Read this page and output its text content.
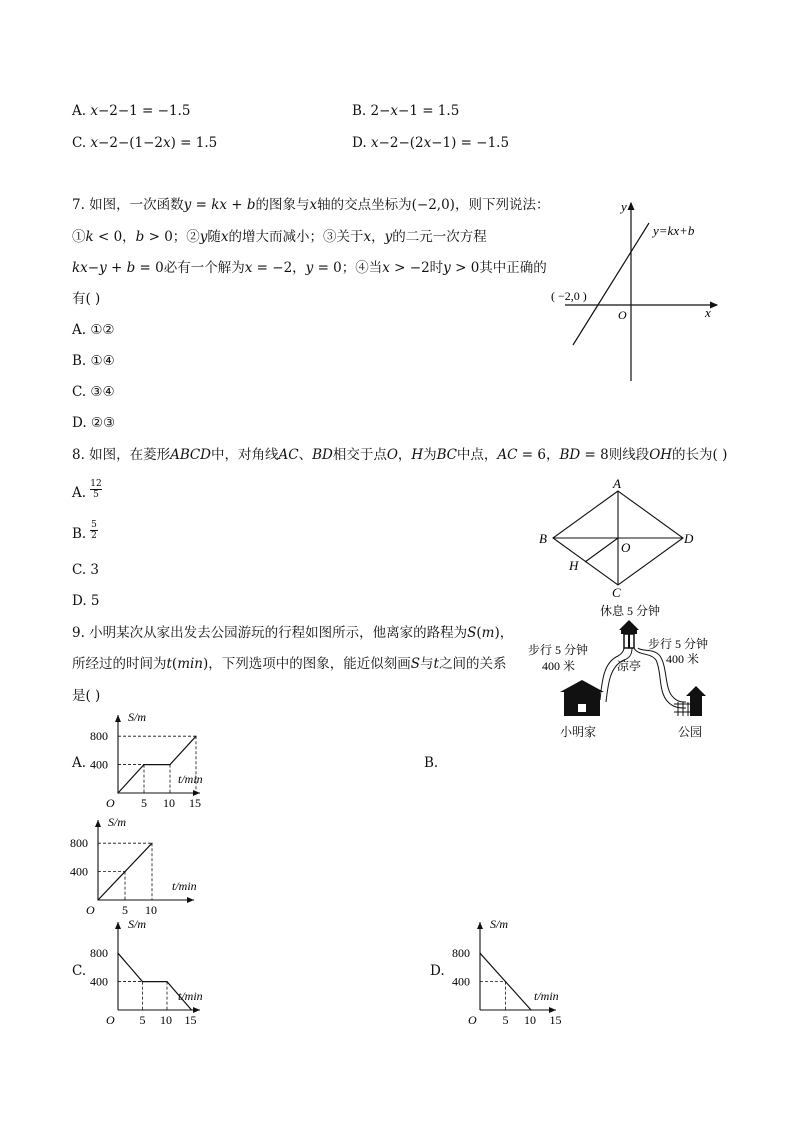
A. 𝑥−2−1 = −1.5	B. 2−𝑥−1 = 1.5
C. 𝑥−2−(1−2𝑥) = 1.5	D. 𝑥−2−(2𝑥−1) = −1.5
7. 如图，一次函数𝑦 = 𝑘𝑥 + 𝑏的图象与𝑥轴的交点坐标为(−2,0)，则下列说法：
①𝑘 < 0，𝑏 > 0；②𝑦随𝑥的增大而减小；③关于𝑥，𝑦的二元一次方程
𝑘𝑥−𝑦 + 𝑏 = 0必有一个解为𝑥 = −2，𝑦 = 0；④当𝑥 > −2时𝑦 > 0其中正确的
有( )
A. ①②
B. ①④
C. ③④
D. ②③
y
x
y=kx+b
( −2,0 )
O
8. 如图，在菱形𝐴𝐵𝐶𝐷中，对角线𝐴𝐶、𝐵𝐷相交于点𝑂，𝐻为𝐵𝐶中点，𝐴𝐶 = 6，𝐵𝐷 = 8则线段𝑂𝐻的长为( )
A. $\frac{12}{5}$
B. $\frac{5}{2}$
C. 3
D. 5
A
B
C
D
O
H
9. 小明某次从家出发去公园游玩的行程如图所示，他离家的路程为𝑆(𝑚)，
所经过的时间为𝑡(𝑚𝑖𝑛)，下列选项中的图象，能近似刻画𝑆与𝑡之间的关系
是( )
休息 5 分钟
步行 5 分钟
400 米
步行 5 分钟
400 米
凉亭
小明家	公园
A.	B.
C.	D.
S/m
t/min
O
400
800
5 10 15
S/m
t/min
O
400
800
5 10
S/m
t/min
O
400
800
5 10 15
S/m
t/min
O
400
800
5 10 15
